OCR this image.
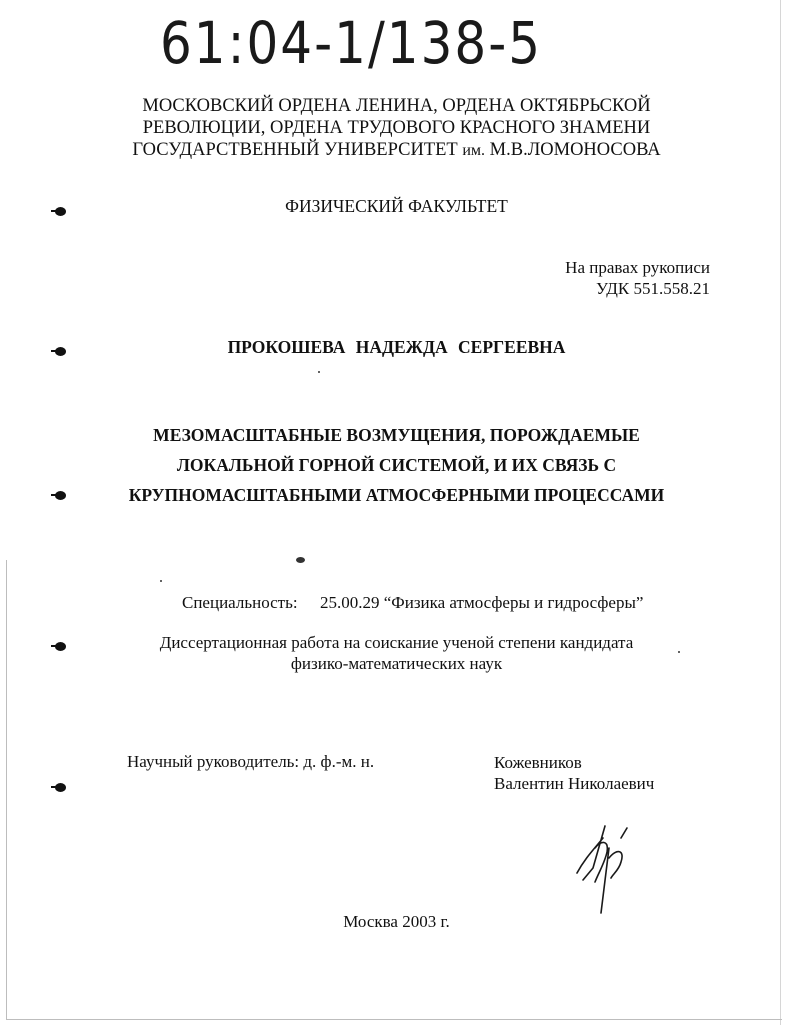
61:04-1/138-5
МОСКОВСКИЙ ОРДЕНА ЛЕНИНА, ОРДЕНА ОКТЯБРЬСКОЙ
РЕВОЛЮЦИИ, ОРДЕНА ТРУДОВОГО КРАСНОГО ЗНАМЕНИ
ГОСУДАРСТВЕННЫЙ УНИВЕРСИТЕТ им. М.В.ЛОМОНОСОВА
ФИЗИЧЕСКИЙ ФАКУЛЬТЕТ
На правах рукописи
УДК 551.558.21
ПРОКОШЕВА НАДЕЖДА СЕРГЕЕВНА
МЕЗОМАСШТАБНЫЕ ВОЗМУЩЕНИЯ, ПОРОЖДАЕМЫЕ
ЛОКАЛЬНОЙ ГОРНОЙ СИСТЕМОЙ, И ИХ СВЯЗЬ С
КРУПНОМАСШТАБНЫМИ АТМОСФЕРНЫМИ ПРОЦЕССАМИ
Специальность: 25.00.29 “Физика атмосферы и гидросферы”
Диссертационная работа на соискание ученой степени кандидата
физико-математических наук
Научный руководитель: д. ф.-м. н.	Кожевников
Валентин Николаевич
Москва 2003 г.
